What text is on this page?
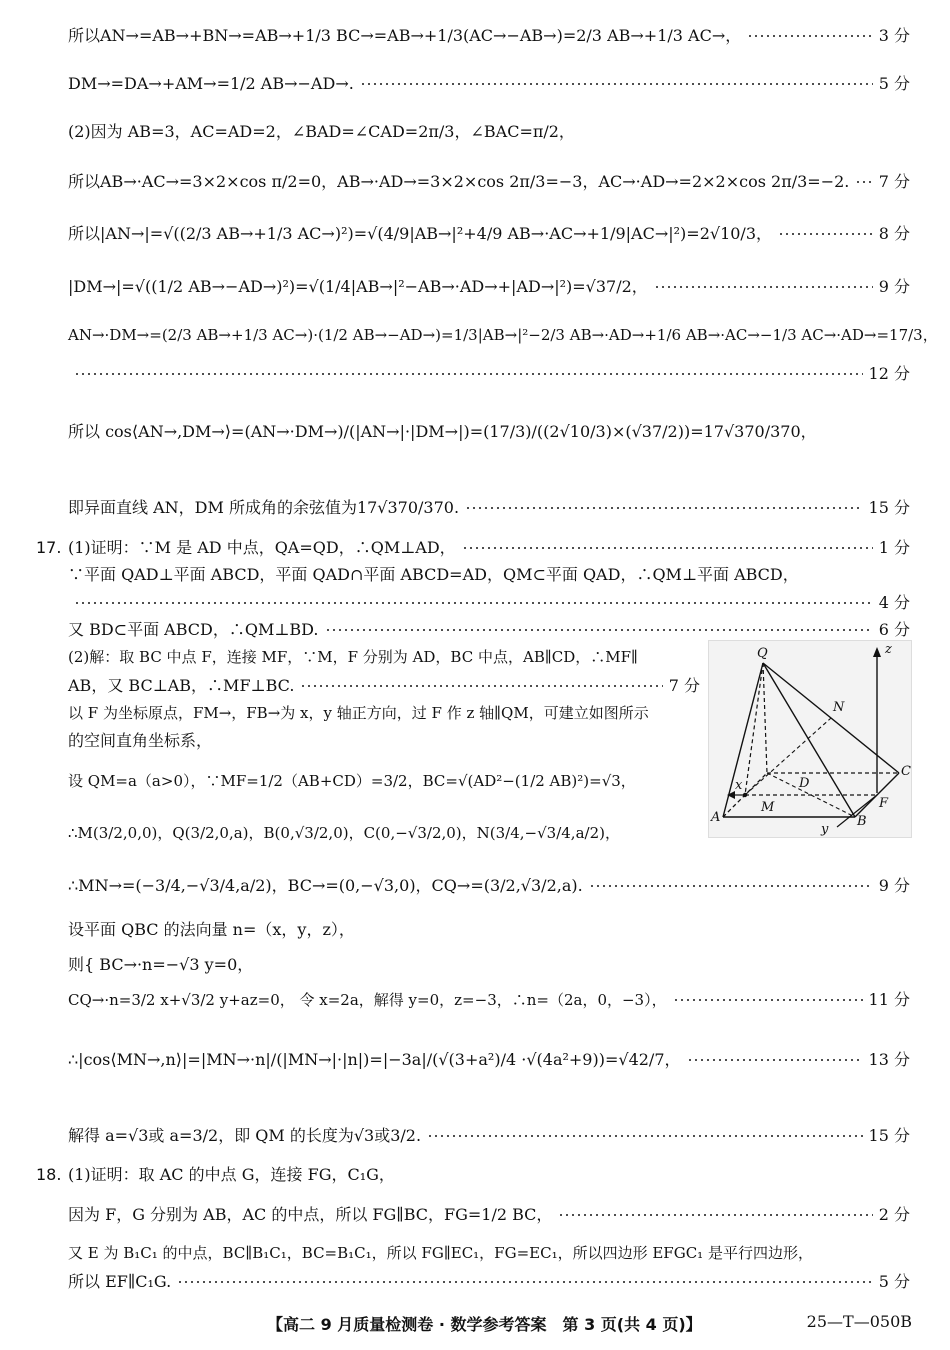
所以AN→=AB→+BN→=AB→+1/3 BC→=AB→+1/3(AC→−AB→)=2/3 AB→+1/3 AC→，	3 分
DM→=DA→+AM→=1/2 AB→−AD→.	5 分
(2)因为 AB=3，AC=AD=2，∠BAD=∠CAD=2π/3，∠BAC=π/2，
所以AB→·AC→=3×2×cos π/2=0，AB→·AD→=3×2×cos 2π/3=−3，AC→·AD→=2×2×cos 2π/3=−2. 7 分
所以|AN→|=√((2/3 AB→+1/3 AC→)²)=√(4/9|AB→|²+4/9 AB→·AC→+1/9|AC→|²)=2√10/3，	8 分
|DM→|=√((1/2 AB→−AD→)²)=√(1/4|AB→|²−AB→·AD→+|AD→|²)=√37/2，	9 分
AN→·DM→=(2/3 AB→+1/3 AC→)·(1/2 AB→−AD→)=1/3|AB→|²−2/3 AB→·AD→+1/6 AB→·AC→−1/3 AC→·AD→=17/3，
12 分
所以 cos⟨AN→,DM→⟩=(AN→·DM→)/(|AN→|·|DM→|)=(17/3)/((2√10/3)×(√37/2))=17√370/370，
即异面直线 AN，DM 所成角的余弦值为17√370/370.	15 分
17. (1)证明：∵M 是 AD 中点，QA=QD，∴QM⊥AD，	1 分
∵平面 QAD⊥平面 ABCD，平面 QAD∩平面 ABCD=AD，QM⊂平面 QAD，∴QM⊥平面 ABCD，
4 分
又 BD⊂平面 ABCD，∴QM⊥BD.	6 分
(2)解：取 BC 中点 F，连接 MF，∵M，F 分别为 AD，BC 中点，AB∥CD，∴MF∥
AB，又 BC⊥AB，∴MF⊥BC.	7 分
以 F 为坐标原点，FM→，FB→为 x，y 轴正方向，过 F 作 z 轴∥QM，可建立如图所示
的空间直角坐标系，
设 QM=a（a>0），∵MF=1/2（AB+CD）=3/2，BC=√(AD²−(1/2 AB)²)=√3，
∴M(3/2,0,0)，Q(3/2,0,a)，B(0,√3/2,0)，C(0,−√3/2,0)，N(3/4,−√3/4,a/2)，
Q	z
N
C
D
x
M	F
A	B
y
∴MN→=(−3/4,−√3/4,a/2)，BC→=(0,−√3,0)，CQ→=(3/2,√3/2,a).	9 分
设平面 QBC 的法向量 n=（x，y，z），
则{ BC→·n=−√3 y=0，
CQ→·n=3/2 x+√3/2 y+az=0， 令 x=2a，解得 y=0，z=−3，∴n=（2a，0，−3），	11 分
∴|cos⟨MN→,n⟩|=|MN→·n|/(|MN→|·|n|)=|−3a|/(√(3+a²)/4 ·√(4a²+9))=√42/7，	13 分
解得 a=√3或 a=3/2，即 QM 的长度为√3或3/2.	15 分
18. (1)证明：取 AC 的中点 G，连接 FG，C₁G，
因为 F，G 分别为 AB，AC 的中点，所以 FG∥BC，FG=1/2 BC，	2 分
又 E 为 B₁C₁ 的中点，BC∥B₁C₁，BC=B₁C₁，所以 FG∥EC₁，FG=EC₁，所以四边形 EFGC₁ 是平行四边形，
所以 EF∥C₁G.	5 分
【高二 9 月质量检测卷 · 数学参考答案　第 3 页(共 4 页)】	25—T—050B
